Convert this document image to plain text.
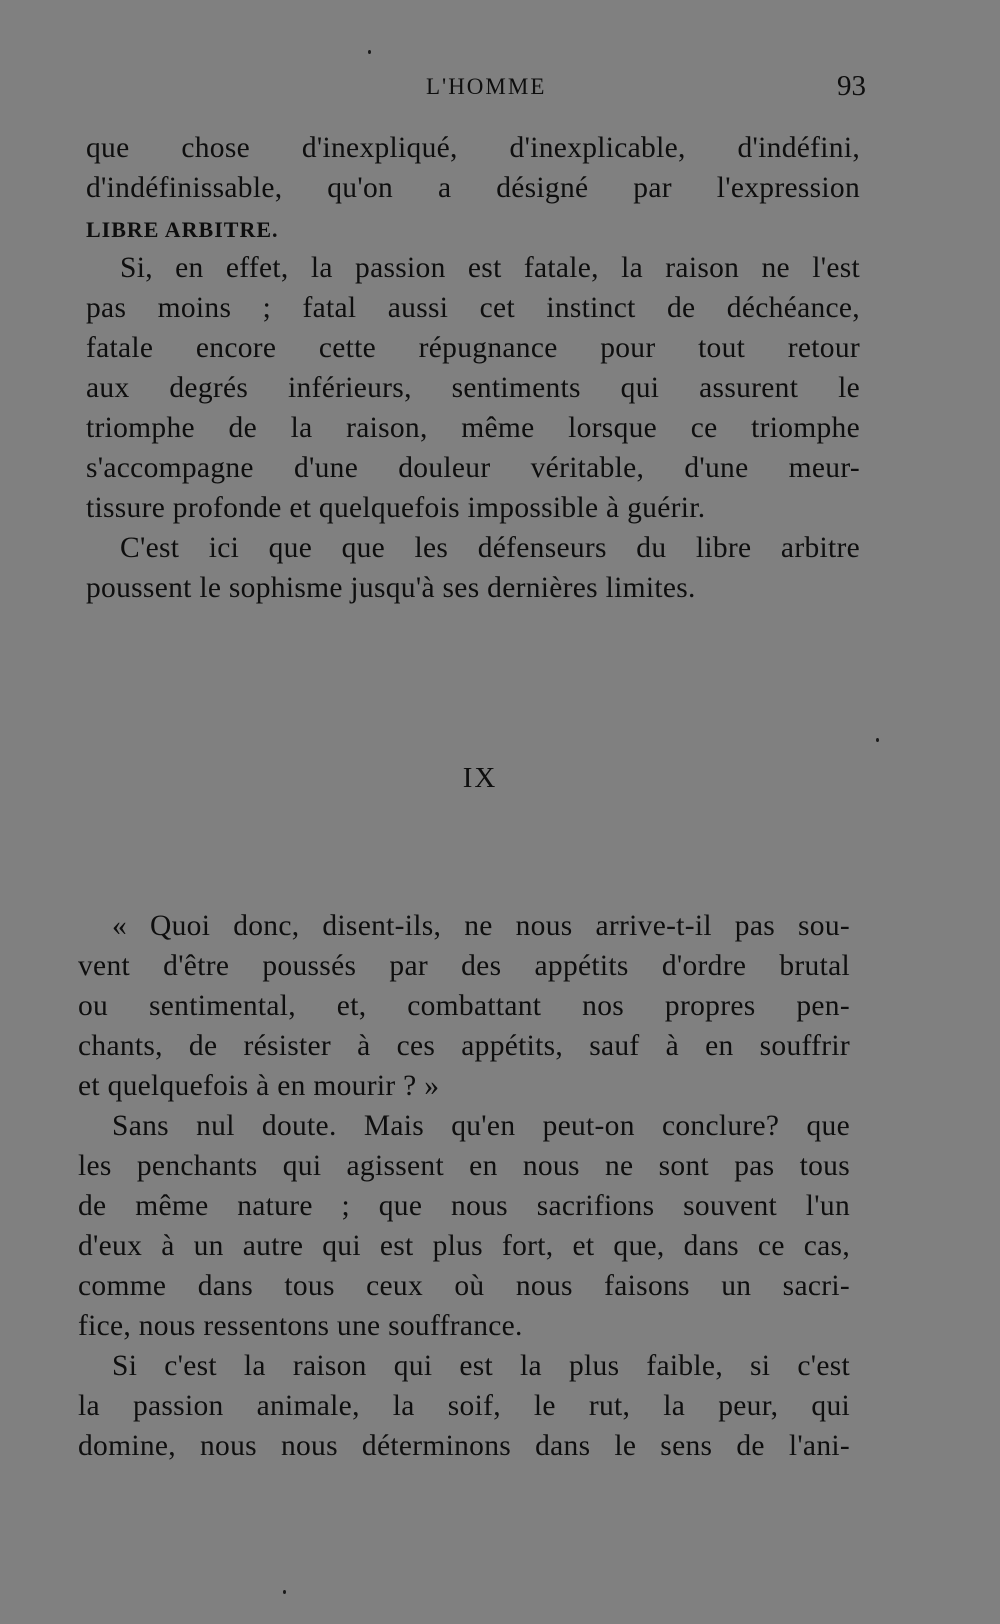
L'HOMME	93
que chose d'inexpliqué, d'inexplicable, d'indéfini,
d'indéfinissable, qu'on a désigné par l'expression
LIBRE ARBITRE.
Si, en effet, la passion est fatale, la raison ne l'est
pas moins ; fatal aussi cet instinct de déchéance,
fatale encore cette répugnance pour tout retour
aux degrés inférieurs, sentiments qui assurent le
triomphe de la raison, même lorsque ce triomphe
s'accompagne d'une douleur véritable, d'une meur-
tissure profonde et quelquefois impossible à guérir.
C'est ici que que les défenseurs du libre arbitre
poussent le sophisme jusqu'à ses dernières limites.
IX
« Quoi donc, disent-ils, ne nous arrive-t-il pas sou-
vent d'être poussés par des appétits d'ordre brutal
ou sentimental, et, combattant nos propres pen-
chants, de résister à ces appétits, sauf à en souffrir
et quelquefois à en mourir ? »
Sans nul doute. Mais qu'en peut-on conclure? que
les penchants qui agissent en nous ne sont pas tous
de même nature ; que nous sacrifions souvent l'un
d'eux à un autre qui est plus fort, et que, dans ce cas,
comme dans tous ceux où nous faisons un sacri-
fice, nous ressentons une souffrance.
Si c'est la raison qui est la plus faible, si c'est
la passion animale, la soif, le rut, la peur, qui
domine, nous nous déterminons dans le sens de l'ani-
